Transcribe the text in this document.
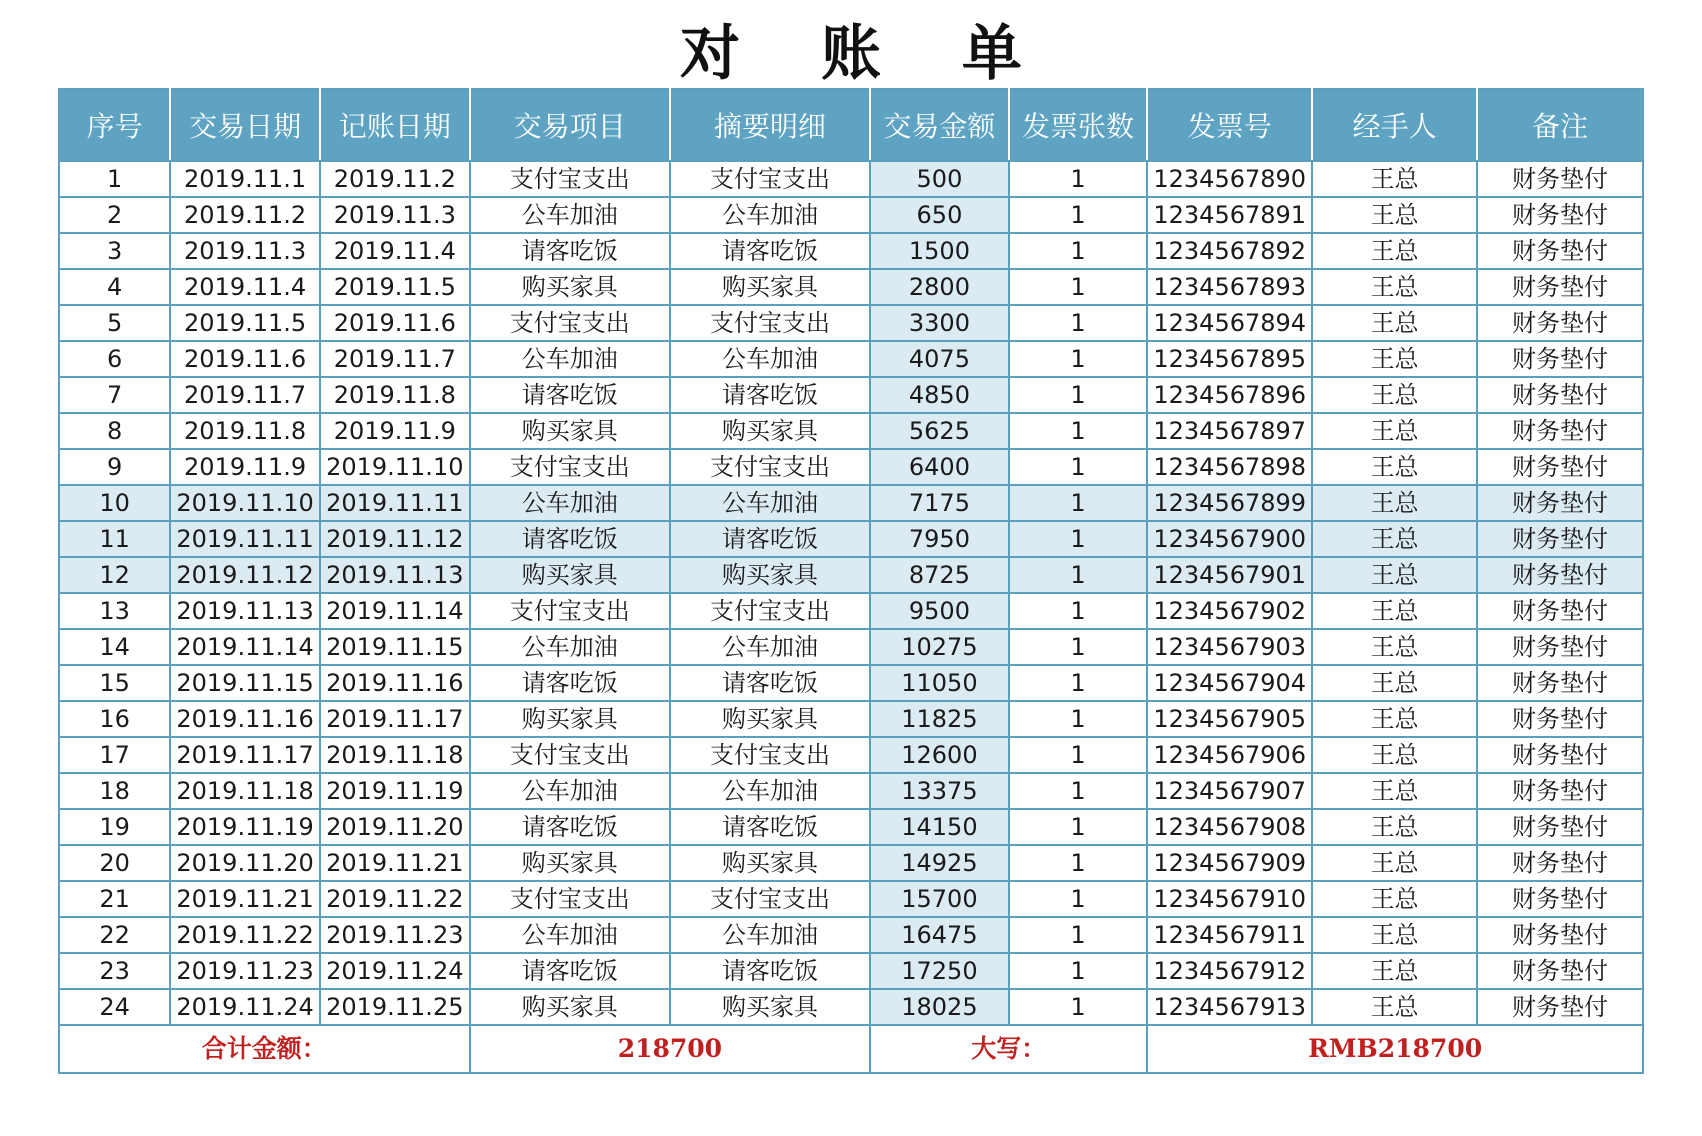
对 账 单
序号	交易日期	记账日期	交易项目	摘要明细	交易金额	发票张数	发票号	经手人	备注
1	2019.11.1	2019.11.2	支付宝支出	支付宝支出	500	1	1234567890	王总	财务垫付
2	2019.11.2	2019.11.3	公车加油	公车加油	650	1	1234567891	王总	财务垫付
3	2019.11.3	2019.11.4	请客吃饭	请客吃饭	1500	1	1234567892	王总	财务垫付
4	2019.11.4	2019.11.5	购买家具	购买家具	2800	1	1234567893	王总	财务垫付
5	2019.11.5	2019.11.6	支付宝支出	支付宝支出	3300	1	1234567894	王总	财务垫付
6	2019.11.6	2019.11.7	公车加油	公车加油	4075	1	1234567895	王总	财务垫付
7	2019.11.7	2019.11.8	请客吃饭	请客吃饭	4850	1	1234567896	王总	财务垫付
8	2019.11.8	2019.11.9	购买家具	购买家具	5625	1	1234567897	王总	财务垫付
9	2019.11.9	2019.11.10	支付宝支出	支付宝支出	6400	1	1234567898	王总	财务垫付
10	2019.11.10	2019.11.11	公车加油	公车加油	7175	1	1234567899	王总	财务垫付
11	2019.11.11	2019.11.12	请客吃饭	请客吃饭	7950	1	1234567900	王总	财务垫付
12	2019.11.12	2019.11.13	购买家具	购买家具	8725	1	1234567901	王总	财务垫付
13	2019.11.13	2019.11.14	支付宝支出	支付宝支出	9500	1	1234567902	王总	财务垫付
14	2019.11.14	2019.11.15	公车加油	公车加油	10275	1	1234567903	王总	财务垫付
15	2019.11.15	2019.11.16	请客吃饭	请客吃饭	11050	1	1234567904	王总	财务垫付
16	2019.11.16	2019.11.17	购买家具	购买家具	11825	1	1234567905	王总	财务垫付
17	2019.11.17	2019.11.18	支付宝支出	支付宝支出	12600	1	1234567906	王总	财务垫付
18	2019.11.18	2019.11.19	公车加油	公车加油	13375	1	1234567907	王总	财务垫付
19	2019.11.19	2019.11.20	请客吃饭	请客吃饭	14150	1	1234567908	王总	财务垫付
20	2019.11.20	2019.11.21	购买家具	购买家具	14925	1	1234567909	王总	财务垫付
21	2019.11.21	2019.11.22	支付宝支出	支付宝支出	15700	1	1234567910	王总	财务垫付
22	2019.11.22	2019.11.23	公车加油	公车加油	16475	1	1234567911	王总	财务垫付
23	2019.11.23	2019.11.24	请客吃饭	请客吃饭	17250	1	1234567912	王总	财务垫付
24	2019.11.24	2019.11.25	购买家具	购买家具	18025	1	1234567913	王总	财务垫付
合计金额：			218700		大写：		RMB218700		
